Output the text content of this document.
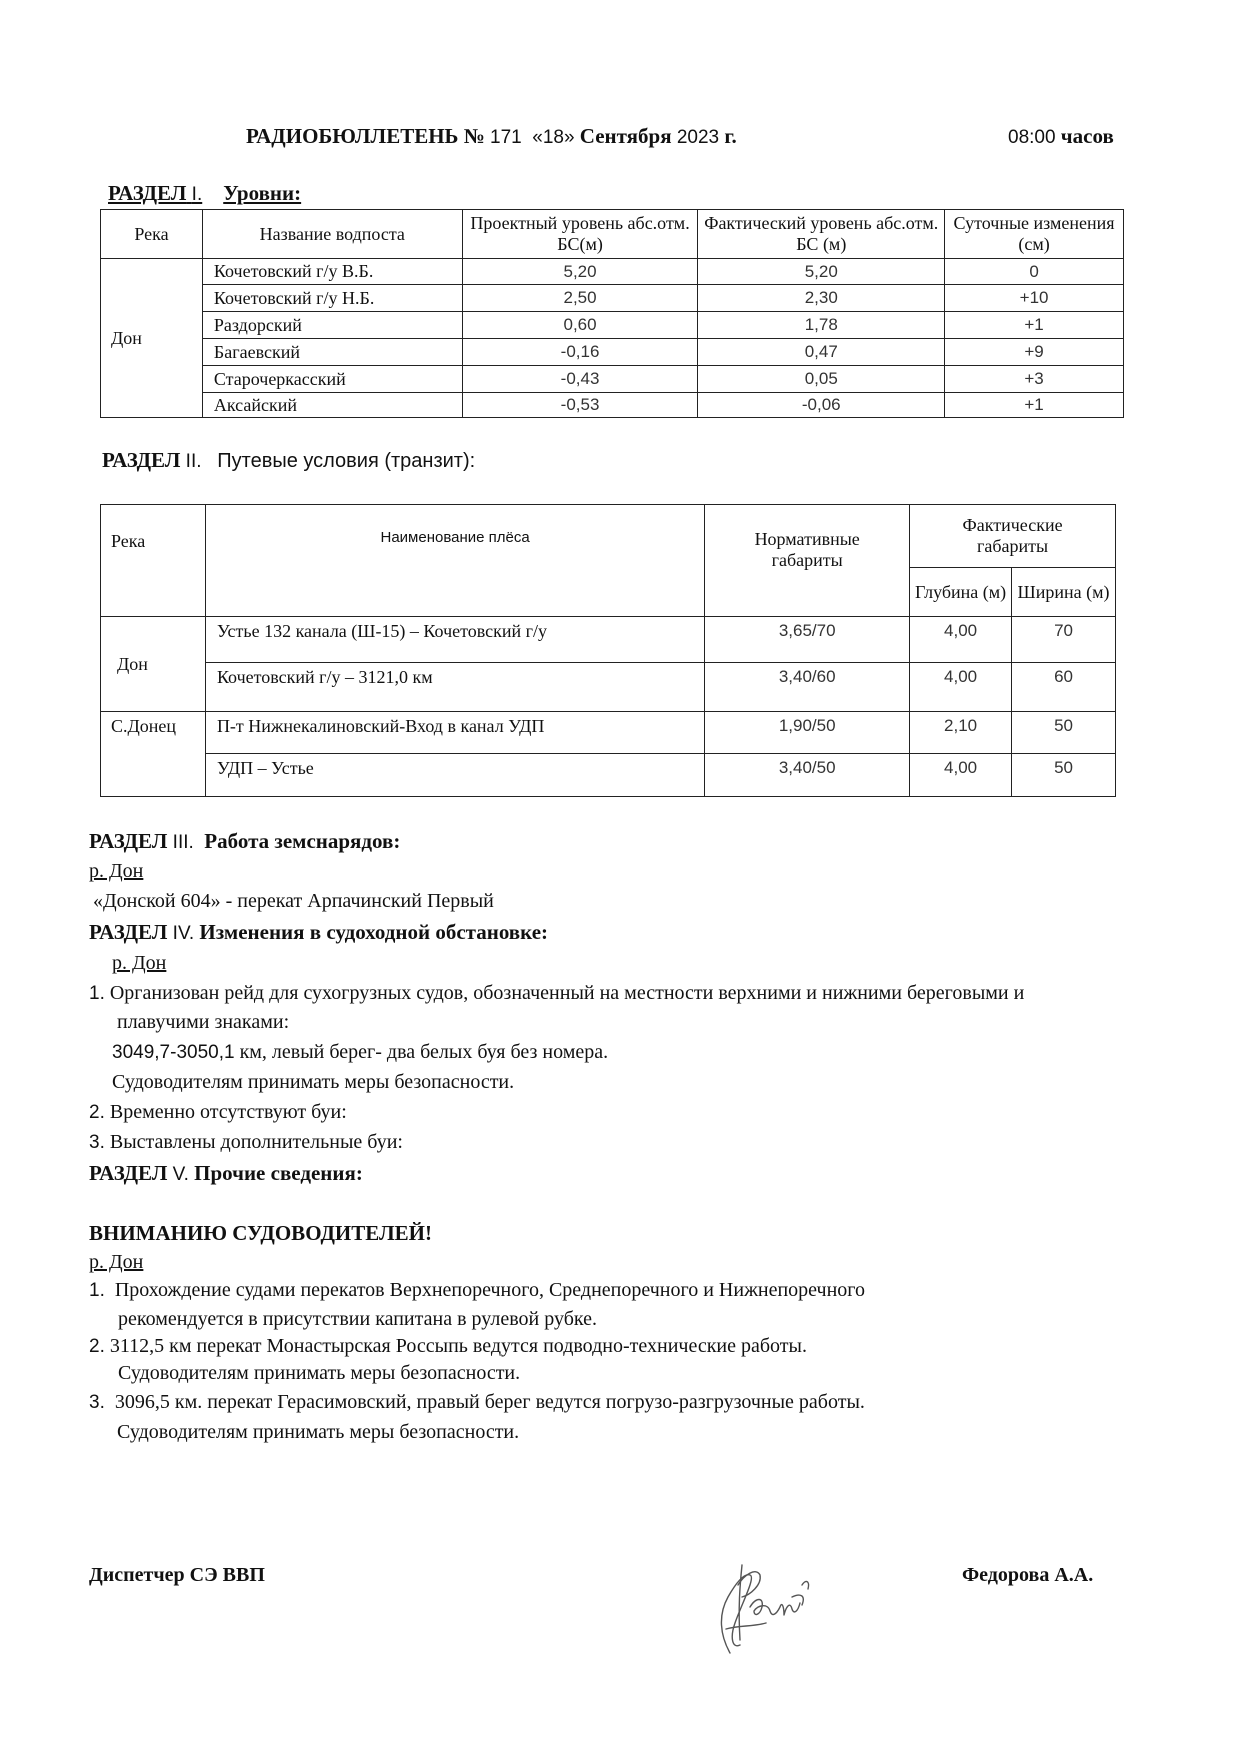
РАДИОБЮЛЛЕТЕНЬ № 171 «18» Сентября 2023 г.	08:00 часов
РАЗДЕЛ I. Уровни:
Река	Название водпоста	Проектный уровень абс.отм. БС(м)	Фактический уровень абс.отм. БС (м)	Суточные изменения (см)
Дон	Кочетовский г/у В.Б.	5,20	5,20	0
	Кочетовский г/у Н.Б.	2,50	2,30	+10
	Раздорский	0,60	1,78	+1
	Багаевский	-0,16	0,47	+9
	Старочеркасский	-0,43	0,05	+3
	Аксайский	-0,53	-0,06	+1
РАЗДЕЛ II. Путевые условия (транзит):
Река	Наименование плёса	Нормативные габариты	Фактические габариты	
			Глубина (м)	Ширина (м)
Дон	Устье 132 канала (Ш-15) – Кочетовский г/у	3,65/70	4,00	70
	Кочетовский г/у – 3121,0 км	3,40/60	4,00	60
С.Донец	П-т Нижнекалиновский-Вход в канал УДП	1,90/50	2,10	50
	УДП – Устье	3,40/50	4,00	50
РАЗДЕЛ III. Работа земснарядов:
р. Дон
«Донской 604» - перекат Арпачинский Первый
РАЗДЕЛ IV. Изменения в судоходной обстановке:
р. Дон
1. Организован рейд для сухогрузных судов, обозначенный на местности верхними и нижними береговыми и
плавучими знаками:
3049,7-3050,1 км, левый берег- два белых буя без номера.
Судоводителям принимать меры безопасности.
2. Временно отсутствуют буи:
3. Выставлены дополнительные буи:
РАЗДЕЛ V. Прочие сведения:
ВНИМАНИЮ СУДОВОДИТЕЛЕЙ!
р. Дон
1. Прохождение судами перекатов Верхнепоречного, Среднепоречного и Нижнепоречного
рекомендуется в присутствии капитана в рулевой рубке.
2. 3112,5 км перекат Монастырская Россыпь ведутся подводно-технические работы.
Судоводителям принимать меры безопасности.
3. 3096,5 км. перекат Герасимовский, правый берег ведутся погрузо-разгрузочные работы.
Судоводителям принимать меры безопасности.
Диспетчер СЭ ВВП	Федорова А.А.
